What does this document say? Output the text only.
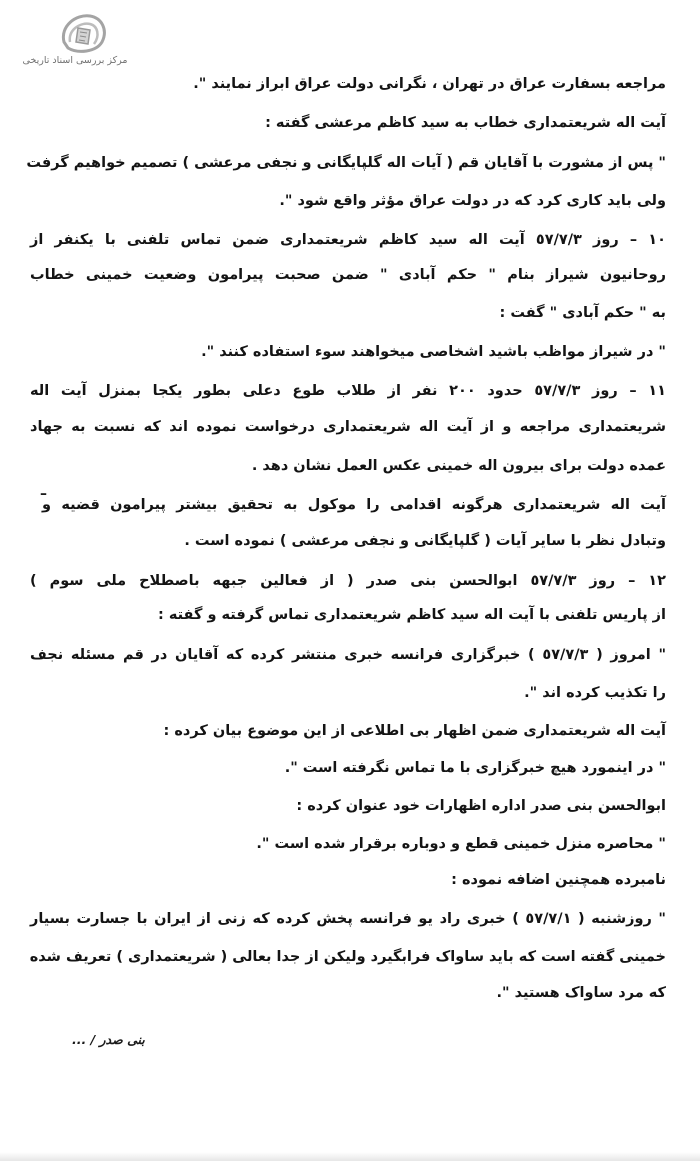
مرکز بررسی اسناد تاریخی
مراجعه بسفارت عراق در تهران ، نگرانی دولت عراق ابراز نمایند ".
آیت اله شریعتمداری خطاب به سید کاظم مرعشی گفته :
" پس از مشورت با آقایان قم ( آیات اله گلپایگانی و نجفی مرعشی ) تصمیم خواهیم گرفت
ولی باید کاری کرد که در دولت عراق مؤثر واقع شود ".
١٠ – روز ٥٧/٧/٣ آیت اله سید کاظم شریعتمداری ضمن تماس تلفنی با یکنفر از
روحانیون شیراز بنام " حکم آبادی " ضمن صحبت پیرامون وضعیت خمینی خطاب
به " حکم آبادی " گفت :
" در شیراز مواظب باشید اشخاصی میخواهند سوء استفاده کنند ".
١١ – روز ٥٧/٧/٣ حدود ٢٠٠ نفر از طلاب طوع دعلی بطور یکجا بمنزل آیت اله
شریعتمداری مراجعه و از آیت اله شریعتمداری درخواست نموده اند که نسبت به جهاد
عمده دولت برای بیرون اله خمینی عکس العمل نشان دهد .
–
آیت اله شریعتمداری هرگونه اقدامی را موکول به تحقیق بیشتر پیرامون قضیه و
وتبادل نظر با سایر آیات ( گلپایگانی و نجفی مرعشی ) نموده است .
١٢ – روز ٥٧/٧/٣ ابوالحسن بنی صدر ( از فعالین جبهه باصطلاح ملی سوم )
از پاریس تلفنی با آیت اله سید کاظم شریعتمداری تماس گرفته و گفته :
" امروز ( ٥٧/٧/٣ ) خبرگزاری فرانسه خبری منتشر کرده که آقایان در قم مسئله نجف
را تکذیب کرده اند ".
آیت اله شریعتمداری ضمن اظهار بی اطلاعی از این موضوع بیان کرده :
" در اینمورد هیچ خبرگزاری با ما تماس نگرفته است ".
ابوالحسن بنی صدر اداره اظهارات خود عنوان کرده :
" محاصره منزل خمینی قطع و دوباره برقرار شده است ".
نامبرده همچنین اضافه نموده :
" روزشنبه ( ٥٧/٧/١ ) خبری راد یو فرانسه پخش کرده که زنی از ایران با جسارت بسیار
خمینی گفته است که باید ساواک فرابگیرد ولیکن از جدا بعالی ( شریعتمداری ) تعریف شده
که مرد ساواک هستید ".
بنی صدر / ...
